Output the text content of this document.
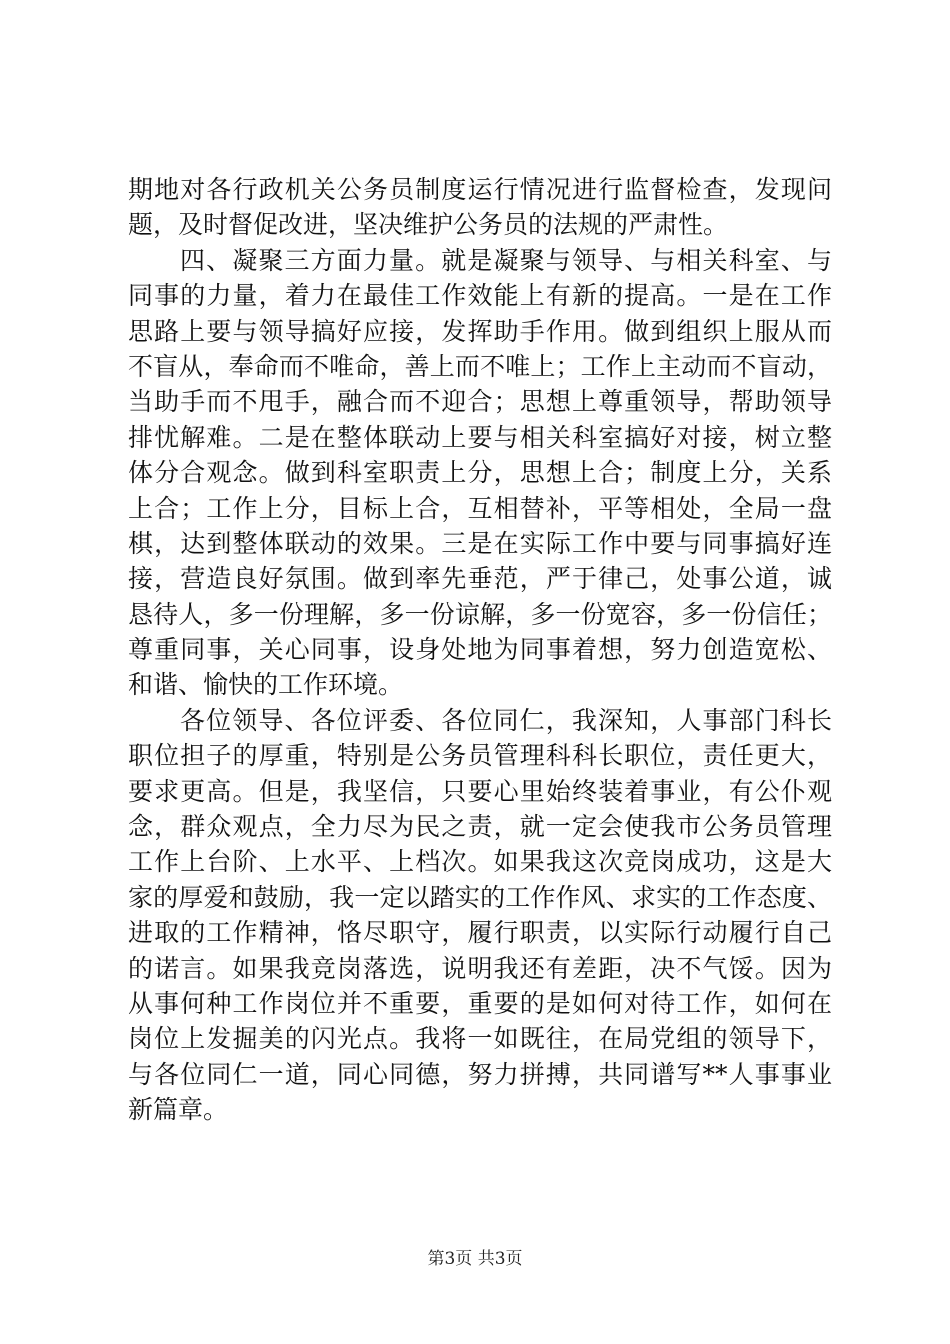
期地对各行政机关公务员制度运行情况进行监督检查，发现问
题，及时督促改进，坚决维护公务员的法规的严肃性。
四、凝聚三方面力量。就是凝聚与领导、与相关科室、与
同事的力量，着力在最佳工作效能上有新的提高。一是在工作
思路上要与领导搞好应接，发挥助手作用。做到组织上服从而
不盲从，奉命而不唯命，善上而不唯上；工作上主动而不盲动，
当助手而不甩手，融合而不迎合；思想上尊重领导，帮助领导
排忧解难。二是在整体联动上要与相关科室搞好对接，树立整
体分合观念。做到科室职责上分，思想上合；制度上分，关系
上合；工作上分，目标上合，互相替补，平等相处，全局一盘
棋，达到整体联动的效果。三是在实际工作中要与同事搞好连
接，营造良好氛围。做到率先垂范，严于律己，处事公道，诚
恳待人，多一份理解，多一份谅解，多一份宽容，多一份信任；
尊重同事，关心同事，设身处地为同事着想，努力创造宽松、
和谐、愉快的工作环境。
各位领导、各位评委、各位同仁，我深知，人事部门科长
职位担子的厚重，特别是公务员管理科科长职位，责任更大，
要求更高。但是，我坚信，只要心里始终装着事业，有公仆观
念，群众观点，全力尽为民之责，就一定会使我市公务员管理
工作上台阶、上水平、上档次。如果我这次竞岗成功，这是大
家的厚爱和鼓励，我一定以踏实的工作作风、求实的工作态度、
进取的工作精神，恪尽职守，履行职责，以实际行动履行自己
的诺言。如果我竞岗落选，说明我还有差距，决不气馁。因为
从事何种工作岗位并不重要，重要的是如何对待工作，如何在
岗位上发掘美的闪光点。我将一如既往，在局党组的领导下，
与各位同仁一道，同心同德，努力拼搏，共同谱写**人事事业
新篇章。
第3页 共3页
